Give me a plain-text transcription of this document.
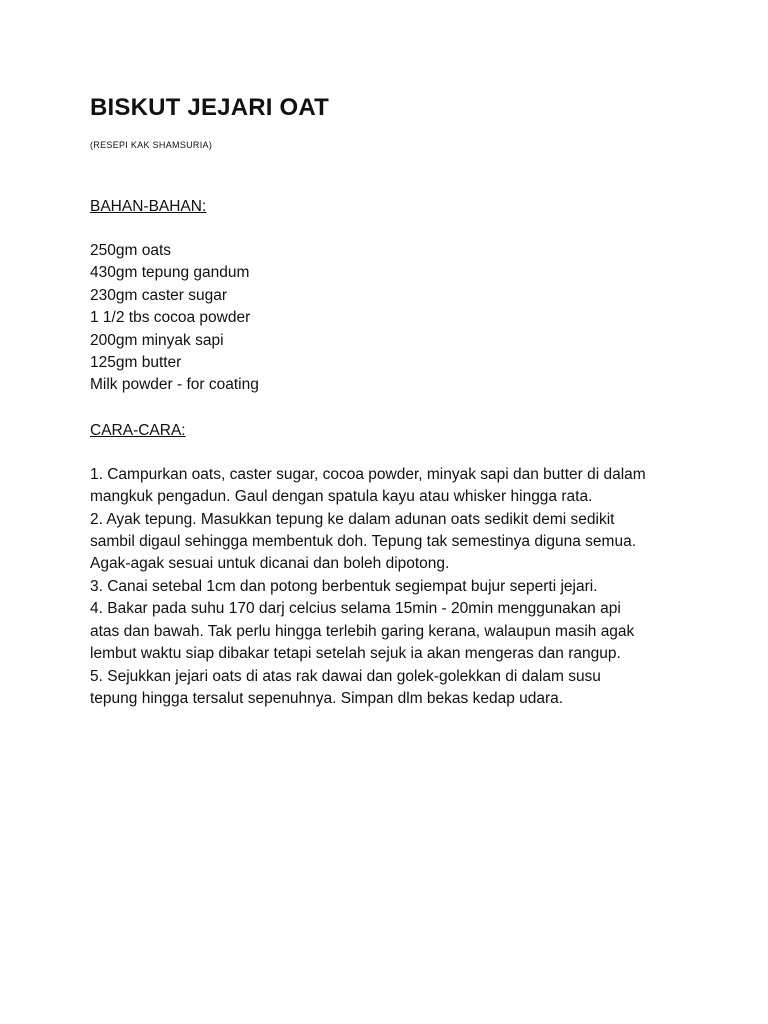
BISKUT JEJARI OAT

(RESEPI KAK SHAMSURIA)

BAHAN-BAHAN:

250gm oats
430gm tepung gandum
230gm caster sugar
1 1/2 tbs cocoa powder
200gm minyak sapi
125gm butter
Milk powder - for coating

CARA-CARA:

1. Campurkan oats, caster sugar, cocoa powder, minyak sapi dan butter di dalam
mangkuk pengadun. Gaul dengan spatula kayu atau whisker hingga rata.
2. Ayak tepung. Masukkan tepung ke dalam adunan oats sedikit demi sedikit
sambil digaul sehingga membentuk doh. Tepung tak semestinya diguna semua.
Agak-agak sesuai untuk dicanai dan boleh dipotong.
3. Canai setebal 1cm dan potong berbentuk segiempat bujur seperti jejari.
4. Bakar pada suhu 170 darj celcius selama 15min - 20min menggunakan api
atas dan bawah. Tak perlu hingga terlebih garing kerana, walaupun masih agak
lembut waktu siap dibakar tetapi setelah sejuk ia akan mengeras dan rangup.
5. Sejukkan jejari oats di atas rak dawai dan golek-golekkan di dalam susu
tepung hingga tersalut sepenuhnya. Simpan dlm bekas kedap udara.
